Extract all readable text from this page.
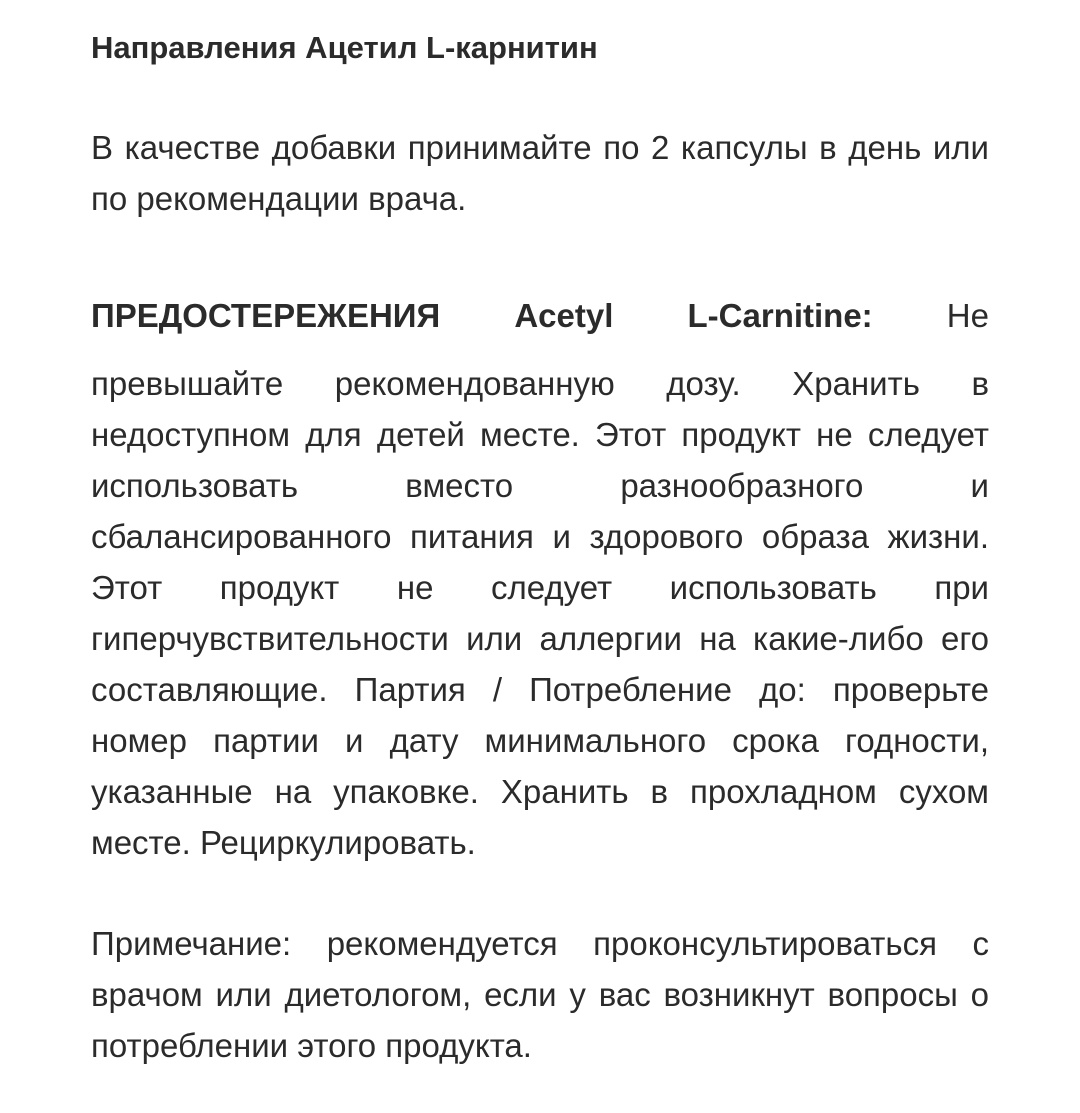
Направления Ацетил L-карнитин

В качестве добавки принимайте по 2 капсулы в день или по рекомендации врача.

ПРЕДОСТЕРЕЖЕНИЯ Acetyl L-Carnitine: Не

превышайте рекомендованную дозу. Хранить в недоступном для детей месте. Этот продукт не следует использовать вместо разнообразного и сбалансированного питания и здорового образа жизни. Этот продукт не следует использовать при гиперчувствительности или аллергии на какие-либо его составляющие. Партия / Потребление до: проверьте номер партии и дату минимального срока годности, указанные на упаковке. Хранить в прохладном сухом месте. Рециркулировать.

Примечание: рекомендуется проконсультироваться с врачом или диетологом, если у вас возникнут вопросы о потреблении этого продукта.
